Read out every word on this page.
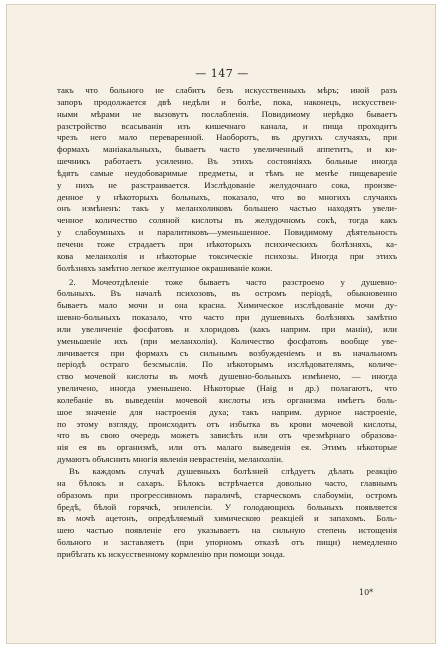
— 147 —
такъ что больного не слабитъ безъ искусственныхъ мѣръ; иной разъ
запоръ продолжается двѣ недѣли и болѣе, пока, наконецъ, искусствен-
ными мѣрами не вызовутъ послабленія. Повидимому нерѣдко бываетъ
разстройство всасыванія изъ кишечнаго канала, и пища проходитъ
чрезъ него мало переваренной. Наоборотъ, въ другихъ случаяхъ, при
формахъ маніакальныхъ, бываетъ часто увеличенный аппетитъ, и ки-
шечникъ работаетъ усиленно. Въ этихъ состояніяхъ больные иногда
ѣдятъ самые неудобоваримые предметы, и тѣмъ не менѣе пищевареніе
у нихъ не разстраивается. Изслѣдованіе желудочнаго сока, произве-
денное у нѣкоторыхъ больныхъ, показало, что во многихъ случаяхъ
онъ измѣненъ: такъ у меланхоликовъ большею частью находятъ увели-
ченное количество соляной кислоты въ желудочномъ сокѣ, тогда какъ
у слабоумныхъ и паралитиковъ—уменьшенное. Повидимому дѣятельность
печени тоже страдаетъ при нѣкоторыхъ психическихъ болѣзняхъ, ка-
кова меланхолія и нѣкоторые токсическіе психозы. Иногда при этихъ
болѣзняхъ замѣтно легкое желтушное окрашиваніе кожи.
2. Мочеотдѣленіе тоже бываетъ часто разстроено у душевно-
больныхъ. Въ началѣ психозовъ, въ остромъ періодѣ, обыкновенно
бываетъ мало мочи и она красна. Химическое изслѣдованіе мочи ду-
шевно-больныхъ показало, что часто при душевныхъ болѣзняхъ замѣтно
или увеличеніе фосфатовъ и хлоридовъ (какъ наприм. при маніи), или
уменьшеніе ихъ (при меланхоліи). Количество фосфатовъ вообще уве-
личивается при формахъ съ сильнымъ возбужденіемъ и въ начальномъ
періодѣ остраго безсмыслія. По нѣкоторымъ изслѣдователямъ, количе-
ство мочевой кислоты въ мочѣ душевно-больныхъ измѣнено, — иногда
увеличено, иногда уменьшено. Нѣкоторые (Haig и др.) полагаютъ, что
колебаніе въ выведеніи мочевой кислоты изъ организма имѣетъ боль-
шое значеніе для настроенія духа; такъ наприм. дурное настроеніе,
по этому взгляду, происходитъ отъ избытка въ крови мочевой кислоты,
что въ свою очередь можетъ зависѣть или отъ чрезмѣрнаго образова-
нія ея въ организмѣ, или отъ малаго выведенія ея. Этимъ нѣкоторые
думаютъ объяснить многія явленія неврастеніи, меланхоліи.
Въ каждомъ случаѣ душевныхъ болѣзней слѣдуетъ дѣлать реакцію
на бѣлокъ и сахаръ. Бѣлокъ встрѣчается довольно часто, главнымъ
образомъ при прогрессивномъ параличѣ, старческомъ слабоуміи, остромъ
бредѣ, бѣлой горячкѣ, эпилепсіи. У голодающихъ больныхъ появляется
въ мочѣ ацетонъ, опредѣляемый химическою реакціей и запахомъ. Боль-
шею частью появленіе его указываетъ на сильную степень истощенія
больного и заставляетъ (при упорномъ отказѣ отъ пищи) немедленно
прибѣгать къ искусственному кормленію при помощи зонда.
10*
